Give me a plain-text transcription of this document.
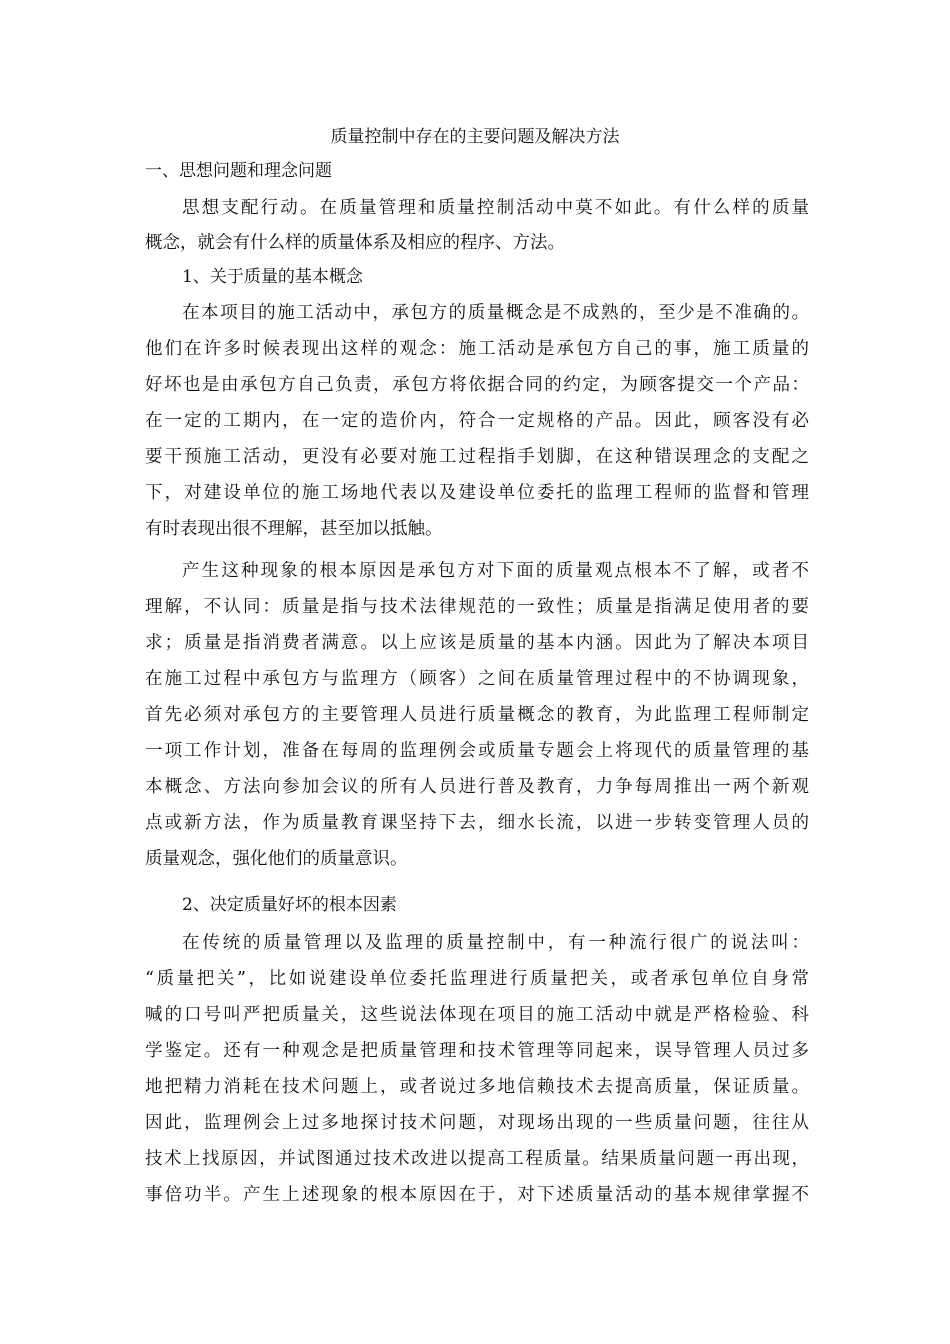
质量控制中存在的主要问题及解决方法
一、思想问题和理念问题
思想支配行动。在质量管理和质量控制活动中莫不如此。有什么样的质量
概念，就会有什么样的质量体系及相应的程序、方法。
1、关于质量的基本概念
在本项目的施工活动中，承包方的质量概念是不成熟的，至少是不准确的。
他们在许多时候表现出这样的观念：施工活动是承包方自己的事，施工质量的
好坏也是由承包方自己负责，承包方将依据合同的约定，为顾客提交一个产品：
在一定的工期内，在一定的造价内，符合一定规格的产品。因此，顾客没有必
要干预施工活动，更没有必要对施工过程指手划脚，在这种错误理念的支配之
下，对建设单位的施工场地代表以及建设单位委托的监理工程师的监督和管理
有时表现出很不理解，甚至加以抵触。
产生这种现象的根本原因是承包方对下面的质量观点根本不了解，或者不
理解，不认同：质量是指与技术法律规范的一致性；质量是指满足使用者的要
求；质量是指消费者满意。以上应该是质量的基本内涵。因此为了解决本项目
在施工过程中承包方与监理方（顾客）之间在质量管理过程中的不协调现象，
首先必须对承包方的主要管理人员进行质量概念的教育，为此监理工程师制定
一项工作计划，准备在每周的监理例会或质量专题会上将现代的质量管理的基
本概念、方法向参加会议的所有人员进行普及教育，力争每周推出一两个新观
点或新方法，作为质量教育课坚持下去，细水长流，以进一步转变管理人员的
质量观念，强化他们的质量意识。
2、决定质量好坏的根本因素
在传统的质量管理以及监理的质量控制中，有一种流行很广的说法叫：
“质量把关”，比如说建设单位委托监理进行质量把关，或者承包单位自身常
喊的口号叫严把质量关，这些说法体现在项目的施工活动中就是严格检验、科
学鉴定。还有一种观念是把质量管理和技术管理等同起来，误导管理人员过多
地把精力消耗在技术问题上，或者说过多地信赖技术去提高质量，保证质量。
因此，监理例会上过多地探讨技术问题，对现场出现的一些质量问题，往往从
技术上找原因，并试图通过技术改进以提高工程质量。结果质量问题一再出现，
事倍功半。产生上述现象的根本原因在于，对下述质量活动的基本规律掌握不
